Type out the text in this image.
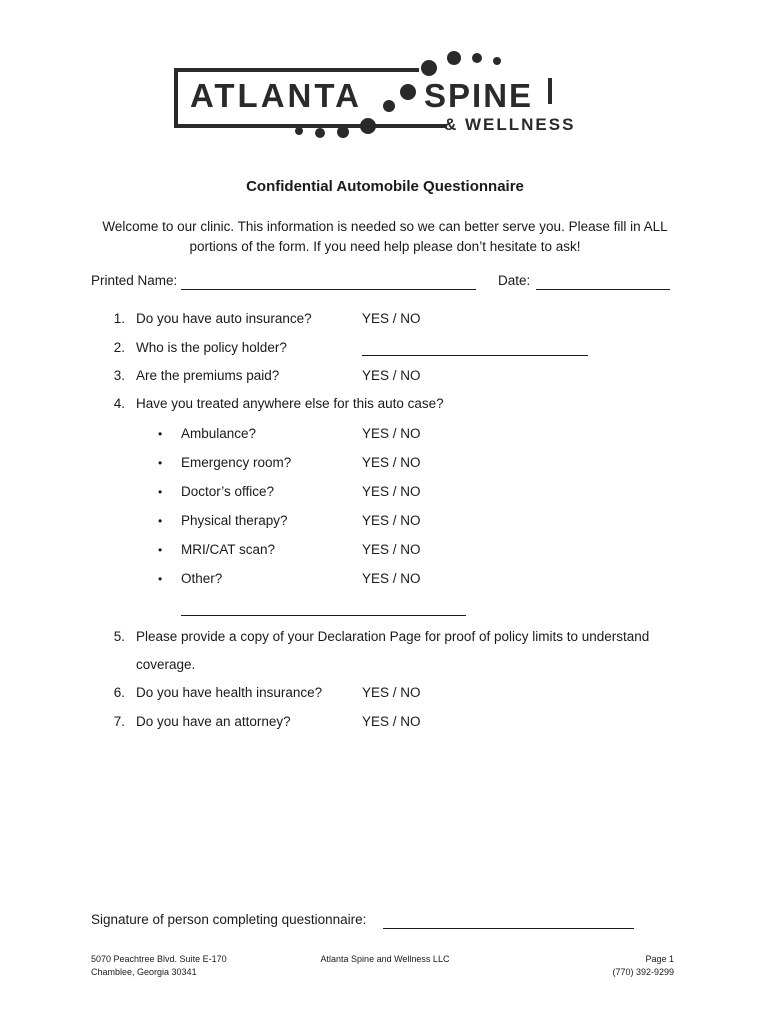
ATLANTA SPINE
& WELLNESS
Confidential Automobile Questionnaire
Welcome to our clinic. This information is needed so we can better serve you. Please fill in ALL portions of the form. If you need help please don’t hesitate to ask!
Printed Name:	Date:
1. Do you have auto insurance?	YES / NO
2. Who is the policy holder?
3. Are the premiums paid?	YES / NO
4. Have you treated anywhere else for this auto case?
• Ambulance?	YES / NO
• Emergency room?	YES / NO
• Doctor’s office?	YES / NO
• Physical therapy?	YES / NO
• MRI/CAT scan?	YES / NO
• Other?	YES / NO
5. Please provide a copy of your Declaration Page for proof of policy limits to understand
coverage.
6. Do you have health insurance?	YES / NO
7. Do you have an attorney?	YES / NO
Signature of person completing questionnaire:
5070 Peachtree Blvd. Suite E-170
Chamblee, Georgia 30341
Atlanta Spine and Wellness LLC	Page 1
(770) 392-9299
